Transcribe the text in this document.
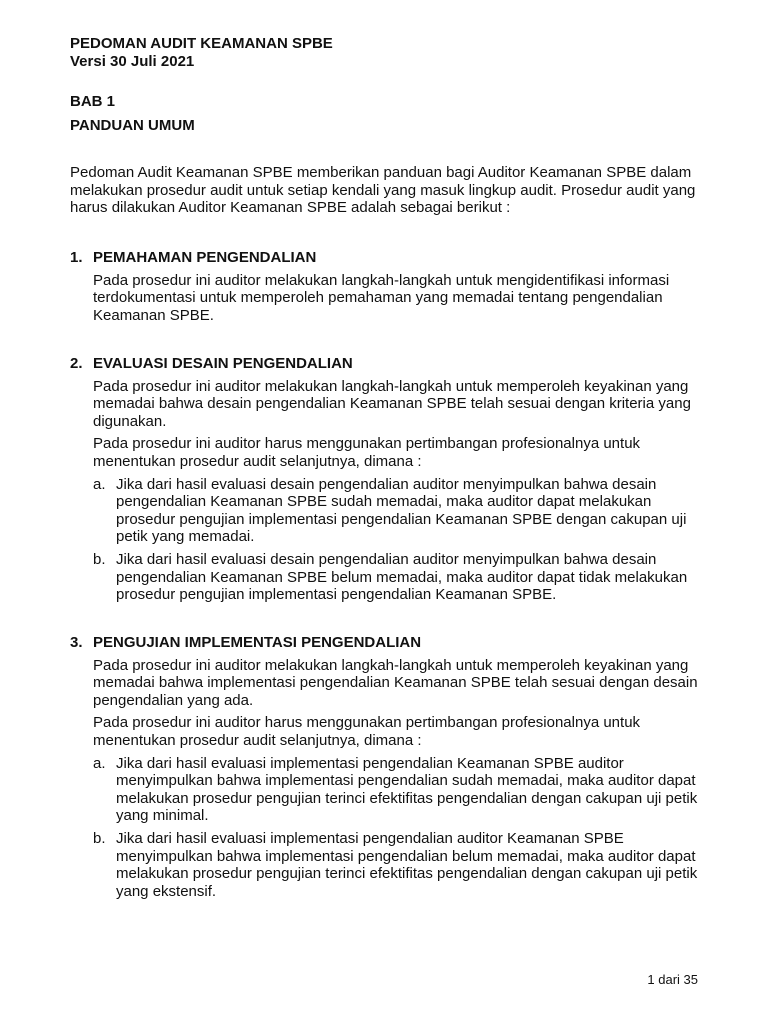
PEDOMAN AUDIT KEAMANAN SPBE
Versi 30 Juli 2021
BAB 1
PANDUAN UMUM
Pedoman Audit Keamanan SPBE memberikan panduan bagi Auditor Keamanan SPBE dalam melakukan prosedur audit untuk setiap kendali yang masuk lingkup audit. Prosedur audit yang harus dilakukan Auditor Keamanan SPBE adalah sebagai berikut :
1. PEMAHAMAN PENGENDALIAN
Pada prosedur ini auditor melakukan langkah-langkah untuk mengidentifikasi informasi terdokumentasi untuk memperoleh pemahaman yang memadai tentang pengendalian Keamanan SPBE.
2. EVALUASI DESAIN PENGENDALIAN
Pada prosedur ini auditor melakukan langkah-langkah untuk memperoleh keyakinan yang memadai bahwa desain pengendalian Keamanan SPBE telah sesuai dengan kriteria yang digunakan.
Pada prosedur ini auditor harus menggunakan pertimbangan profesionalnya untuk menentukan prosedur audit selanjutnya, dimana :
a. Jika dari hasil evaluasi desain pengendalian auditor menyimpulkan bahwa desain pengendalian Keamanan SPBE sudah memadai, maka auditor dapat melakukan prosedur pengujian implementasi pengendalian Keamanan SPBE dengan cakupan uji petik yang memadai.
b. Jika dari hasil evaluasi desain pengendalian auditor menyimpulkan bahwa desain pengendalian Keamanan SPBE belum memadai, maka auditor dapat tidak melakukan prosedur pengujian implementasi pengendalian Keamanan SPBE.
3. PENGUJIAN IMPLEMENTASI PENGENDALIAN
Pada prosedur ini auditor melakukan langkah-langkah untuk memperoleh keyakinan yang memadai bahwa implementasi pengendalian Keamanan SPBE telah sesuai dengan desain pengendalian yang ada.
Pada prosedur ini auditor harus menggunakan pertimbangan profesionalnya untuk menentukan prosedur audit selanjutnya, dimana :
a. Jika dari hasil evaluasi implementasi pengendalian Keamanan SPBE auditor menyimpulkan bahwa implementasi pengendalian sudah memadai, maka auditor dapat melakukan prosedur pengujian terinci efektifitas pengendalian dengan cakupan uji petik yang minimal.
b. Jika dari hasil evaluasi implementasi pengendalian auditor Keamanan SPBE menyimpulkan bahwa implementasi pengendalian belum memadai, maka auditor dapat melakukan prosedur pengujian terinci efektifitas pengendalian dengan cakupan uji petik yang ekstensif.
1 dari 35
